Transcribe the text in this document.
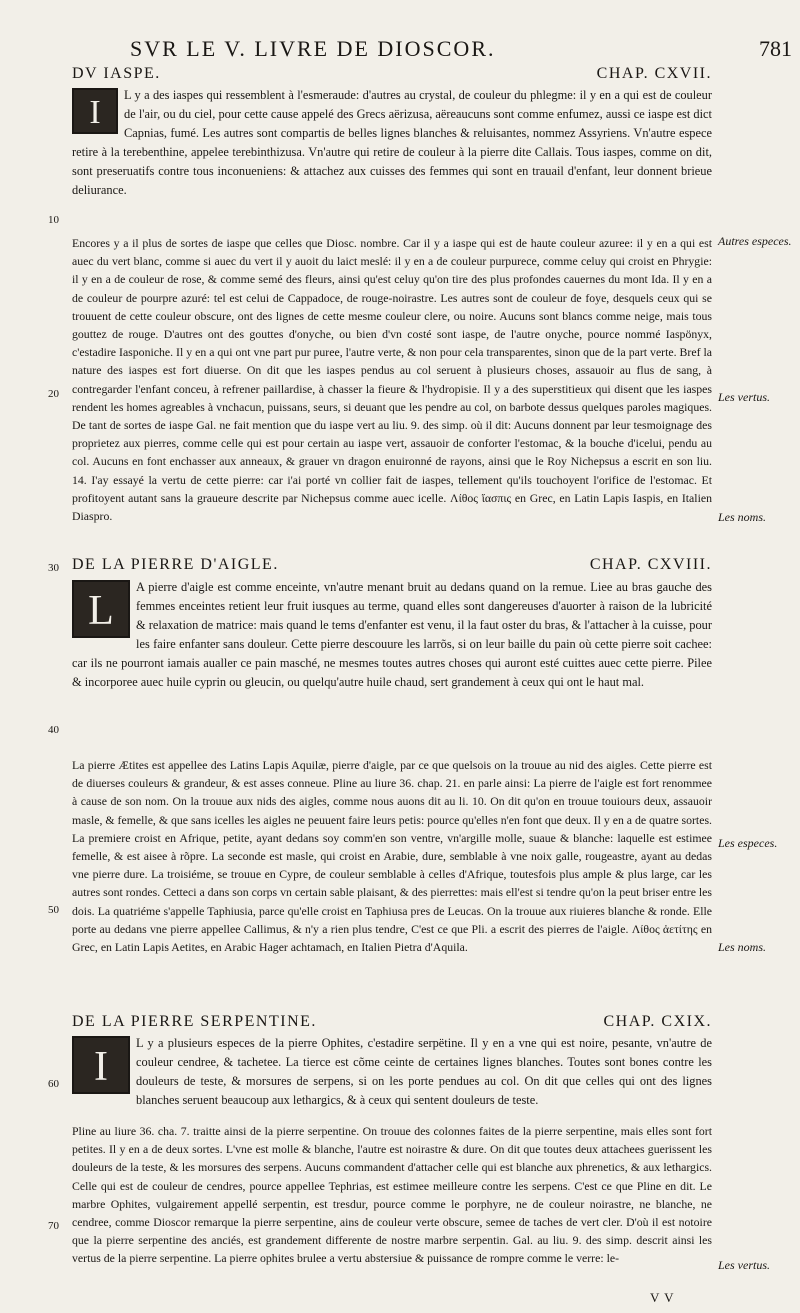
SVR LE V. LIVRE DE DIOSCOR.	781
DV IASPE.	CHAP. CXVII.

I	L y a des iaspes qui ressemblent à l'esmeraude: d'autres au crystal, de couleur du phlegme: il y en a qui est de couleur de l'air, ou du ciel, pour cette cause appelé des Grecs aërizusa, aëreaucuns sont comme enfumez, aussi ce iaspe est dict Capnias, fumé. Les autres sont compartis de belles lignes blanches & reluisantes, nommez Assyriens. Vn'autre espece retire à la terebenthine, appelee terebinthizusa. Vn'autre qui retire de couleur à la pierre dite Callais. Tous iaspes, comme on dit, sont preseruatifs contre tous inconueniens: & attachez aux cuisses des femmes qui sont en trauail d'enfant, leur donnent brieue deliurance.

Encores y a il plus de sortes de iaspe que celles que Diosc. nombre. Car il y a iaspe qui est de haute couleur azuree: il y en a qui est auec du vert blanc, comme si auec du vert il y auoit du laict meslé: il y en a de couleur purpurece, comme celuy qui croist en Phrygie: il y en a de couleur de rose, & comme semé des fleurs, ainsi qu'est celuy qu'on tire des plus profondes cauernes du mont Ida. Il y en a de couleur de pourpre azuré: tel est celui de Cappadoce, de rouge-noirastre. Les autres sont de couleur de foye, desquels ceux qui se trouuent de cette couleur obscure, ont des lignes de cette mesme couleur clere, ou noire. Aucuns sont blancs comme neige, mais tous gouttez de rouge. D'autres ont des gouttes d'onyche, ou bien d'vn costé sont iaspe, de l'autre onyche, pource nommé Iaspönyx, c'estadire Iasponiche. Il y en a qui ont vne part pur puree, l'autre verte, & non pour cela transparentes, sinon que de la part verte. Bref la nature des iaspes est fort diuerse. On dit que les iaspes pendus au col seruent à plusieurs choses, assauoir au flus de sang, à contregarder l'enfant conceu, à refrener paillardise, à chasser la fieure & l'hydropisie. Il y a des superstitieux qui disent que les iaspes rendent les homes agreables à vnchacun, puissans, seurs, si deuant que les pendre au col, on barbote dessus quelques paroles magiques. De tant de sortes de iaspe Gal. ne fait mention que du iaspe vert au liu. 9. des simp. où il dit: Aucuns donnent par leur tesmoignage des proprietez aux pierres, comme celle qui est pour certain au iaspe vert, assauoir de conforter l'estomac, & la bouche d'icelui, pendu au col. Aucuns en font enchasser aux anneaux, & grauer vn dragon enuironné de rayons, ainsi que le Roy Nichepsus a escrit en son liu. 14. I'ay essayé la vertu de cette pierre: car i'ai porté vn collier fait de iaspes, tellement qu'ils touchoyent l'orifice de l'estomac. Et profitoyent autant sans la graueure descrite par Nichepsus comme auec icelle. Λίθος ἴασπις en Grec, en Latin Lapis Iaspis, en Italien Diaspro.

DE LA PIERRE D'AIGLE.	CHAP. CXVIII.

L
A pierre d'aigle est comme enceinte, vn'autre menant bruit au dedans quand on la remue. Liee au bras gauche des femmes enceintes retient leur fruit iusques au terme, quand elles sont dangereuses d'auorter à raison de la lubricité & relaxation de matrice: mais quand le tems d'enfanter est venu, il la faut oster du bras, & l'attacher à la cuisse, pour les faire enfanter sans douleur. Cette pierre descouure les larrõs, si on leur baille du pain où cette pierre soit cachee: car ils ne pourront iamais aualler ce pain masché, ne mesmes toutes autres choses qui auront esté cuittes auec cette pierre. Pilee & incorporee auec huile cyprin ou gleucin, ou quelqu'autre huile chaud, sert grandement à ceux qui ont le haut mal.

La pierre Ætites est appellee des Latins Lapis Aquilæ, pierre d'aigle, par ce que quelsois on la trouue au nid des aigles. Cette pierre est de diuerses couleurs & grandeur, & est asses conneue. Pline au liure 36. chap. 21. en parle ainsi: La pierre de l'aigle est fort renommee à cause de son nom. On la trouue aux nids des aigles, comme nous auons dit au li. 10. On dit qu'on en trouue touiours deux, assauoir masle, & femelle, & que sans icelles les aigles ne peuuent faire leurs petis: pource qu'elles n'en font que deux. Il y en a de quatre sortes. La premiere croist en Afrique, petite, ayant dedans soy comm'en son ventre, vn'argille molle, suaue & blanche: laquelle est estimee femelle, & est aisee à rõpre. La seconde est masle, qui croist en Arabie, dure, semblable à vne noix galle, rougeastre, ayant au dedas vne pierre dure. La troisiéme, se trouue en Cypre, de couleur semblable à celles d'Afrique, toutesfois plus ample & plus large, car les autres sont rondes. Cetteci a dans son corps vn certain sable plaisant, & des pierrettes: mais ell'est si tendre qu'on la peut briser entre les dois. La quatriéme s'appelle Taphiusia, parce qu'elle croist en Taphiusa pres de Leucas. On la trouue aux riuieres blanche & ronde. Elle porte au dedans vne pierre appellee Callimus, & n'y a rien plus tendre, C'est ce que Pli. a escrit des pierres de l'aigle. Λίθος ἀετίτης en Grec, en Latin Lapis Aetites, en Arabic Hager achtamach, en Italien Pietra d'Aquila.

DE LA PIERRE SERPENTINE.	CHAP. CXIX.

I
L y a plusieurs especes de la pierre Ophites, c'estadire serpëtine. Il y en a vne qui est noire, pesante, vn'autre de couleur cendree, & tachetee. La tierce est cõme ceinte de certaines lignes blanches. Toutes sont bones contre les douleurs de teste, & morsures de serpens, si on les porte pendues au col. On dit que celles qui ont des lignes blanches seruent beaucoup aux lethargics, & à ceux qui sentent douleurs de teste.

Pline au liure 36. cha. 7. traitte ainsi de la pierre serpentine. On trouue des colonnes faites de la pierre serpentine, mais elles sont fort petites. Il y en a de deux sortes. L'vne est molle & blanche, l'autre est noirastre & dure. On dit que toutes deux attachees guerissent les douleurs de la teste, & les morsures des serpens. Aucuns commandent d'attacher celle qui est blanche aux phrenetics, & aux lethargics. Celle qui est de couleur de cendres, pource appellee Tephrias, est estimee meilleure contre les serpens. C'est ce que Pline en dit. Le marbre Ophites, vulgairement appellé serpentin, est tresdur, pource comme le porphyre, ne de couleur noirastre, ne blanche, ne cendree, comme Dioscor remarque la pierre serpentine, ains de couleur verte obscure, semee de taches de vert cler. D'où il est notoire que la pierre serpentine des anciés, est grandement differente de nostre marbre serpentin. Gal. au liu. 9. des simp. descrit ainsi les vertus de la pierre serpentine. La pierre ophites brulee a vertu abstersiue & puissance de rompre comme le verre: le-

Autres especes.
Les vertus.
Les noms.
Les especes.
Les noms.
Les vertus.
10
20
30
40
50
60
70
V V
